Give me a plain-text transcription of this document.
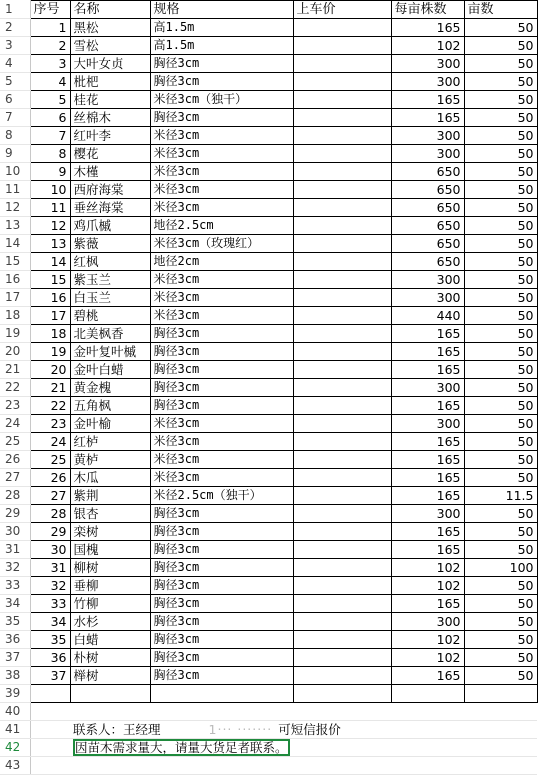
1	序号	名称	规格	上车价	每亩株数	亩数
2	1	黑松	高1.5m		165	50
3	2	雪松	高1.5m		102	50
4	3	大叶女贞	胸径3cm		300	50
5	4	枇杷	胸径3cm		300	50
6	5	桂花	米径3cm（独干）		165	50
7	6	丝棉木	胸径3cm		165	50
8	7	红叶李	米径3cm		300	50
9	8	樱花	米径3cm		300	50
10	9	木槿	米径3cm		650	50
11	10	西府海棠	米径3cm		650	50
12	11	垂丝海棠	米径3cm		650	50
13	12	鸡爪槭	地径2.5cm		650	50
14	13	紫薇	米径3cm（玫瑰红）		650	50
15	14	红枫	地径2cm		650	50
16	15	紫玉兰	米径3cm		300	50
17	16	白玉兰	米径3cm		300	50
18	17	碧桃	米径3cm		440	50
19	18	北美枫香	胸径3cm		165	50
20	19	金叶复叶槭	胸径3cm		165	50
21	20	金叶白蜡	胸径3cm		165	50
22	21	黄金槐	胸径3cm		300	50
23	22	五角枫	胸径3cm		165	50
24	23	金叶榆	米径3cm		300	50
25	24	红栌	米径3cm		165	50
26	25	黄栌	米径3cm		165	50
27	26	木瓜	米径3cm		165	50
28	27	紫荆	米径2.5cm（独干）		165	11.5
29	28	银杏	胸径3cm		300	50
30	29	栾树	胸径3cm		165	50
31	30	国槐	胸径3cm		165	50
32	31	柳树	胸径3cm		102	100
33	32	垂柳	胸径3cm		102	50
34	33	竹柳	胸径3cm		165	50
35	34	水杉	胸径3cm		300	50
36	35	白蜡	胸径3cm		102	50
37	36	朴树	胸径3cm		102	50
38	37	榉树	胸径3cm		165	50
39						
40						
41		联系人：王经理 1‧‧‧ ‧‧‧‧‧‧‧ 可短信报价				
42		因苗木需求量大，请量大货足者联系。				
43						
